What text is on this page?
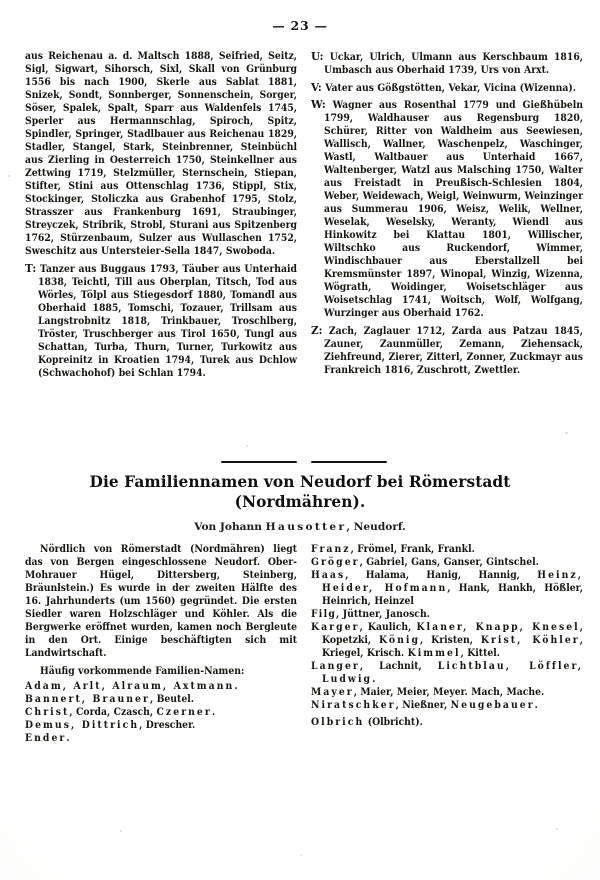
— 23 —

aus Reichenau a. d. Maltsch 1888, Seifried, Seitz, Sigl, Sigwart, Sihorsch, Sixl, Skall von Grünburg 1556 bis nach 1900, Skerle aus Sablat 1881, Snizek, Sondt, Sonnberger, Sonnenschein, Sorger, Söser, Spalek, Spalt, Sparr aus Waldenfels 1745, Sperler aus Hermannschlag, Spiroch, Spitz, Spindler, Springer, Stadlbauer aus Reichenau 1829, Stadler, Stangel, Stark, Steinbrenner, Steinbüchl aus Zierling in Oesterreich 1750, Steinkellner aus Zettwing 1719, Stelzmüller, Sternschein, Stiepan, Stifter, Stini aus Ottenschlag 1736, Stippl, Stix, Stockinger, Stoliczka aus Grabenhof 1795, Stolz, Strasszer aus Frankenburg 1691, Straubinger, Streyczek, Stribrik, Strobl, Sturani aus Spitzenberg 1762, Stürzenbaum, Sulzer aus Wullaschen 1752, Sweschitz aus Untersteier-Sella 1847, Swoboda.

T: Tanzer aus Buggaus 1793, Täuber aus Unterhaid 1838, Teichtl, Till aus Oberplan, Titsch, Tod aus Wörles, Tölpl aus Stiegesdorf 1880, Tomandl aus Oberhaid 1885, Tomschi, Tozauer, Trillsam aus Langstrobnitz 1818, Trinkbauer, Troschlberg, Tröster, Truschberger aus Tirol 1650, Tungl aus Schattan, Turba, Thurn, Turner, Turkowitz aus Kopreinitz in Kroatien 1794, Turek aus Dchlow (Schwachohof) bei Schlan 1794.

U: Uckar, Ulrich, Ulmann aus Kerschbaum 1816, Umbasch aus Oberhaid 1739, Urs von Arxt.

V: Vater aus Gößgstötten, Vekar, Vicina (Wizenna).

W: Wagner aus Rosenthal 1779 und Gießhübeln 1799, Waldhauser aus Regensburg 1820, Schürer, Ritter von Waldheim aus Seewiesen, Wallisch, Wallner, Waschenpelz, Waschinger, Wastl, Waltbauer aus Unterhaid 1667, Waltenberger, Watzl aus Malsching 1750, Walter aus Freistadt in Preußisch-Schlesien 1804, Weber, Weidewach, Weigl, Weinwurm, Weinzinger aus Summerau 1906, Weisz, Welik, Wellner, Weselak, Weselsky, Weranty, Wiendl aus Hinkowitz bei Klattau 1801, Willischer, Wiltschko aus Ruckendorf, Wimmer, Windischbauer aus Eberstallzell bei Kremsmünster 1897, Winopal, Winzig, Wizenna, Wögrath, Woidinger, Woisetschläger aus Woisetschlag 1741, Woitsch, Wolf, Wolfgang, Wurzinger aus Oberhaid 1762.

Z: Zach, Zaglauer 1712, Zarda aus Patzau 1845, Zauner, Zaunmüller, Zemann, Ziehensack, Ziehfreund, Zierer, Zitterl, Zonner, Zuckmayr aus Frankreich 1816, Zuschrott, Zwettler.

Die Familiennamen von Neudorf bei Römerstadt
(Nordmähren).
Von Johann Hausotter, Neudorf.

Nördlich von Römerstadt (Nordmähren) liegt das von Bergen eingeschlossene Neudorf. Ober-Mohrauer Hügel, Dittersberg, Steinberg, Bräunlstein.) Es wurde in der zweiten Hälfte des 16. Jahrhunderts (um 1560) gegründet. Die ersten Siedler waren Holzschläger und Köhler. Als die Bergwerke eröffnet wurden, kamen noch Bergleute in den Ort. Einige beschäftigten sich mit Landwirtschaft.

Häufig vorkommende Familien-Namen:

Adam, Arlt, Alraum, Axtmann.

Bannert, Brauner, Beutel.

Christ, Corda, Czasch, Czerner.

Demus, Dittrich, Drescher.

Ender.

Franz, Frömel, Frank, Frankl.

Gröger, Gabriel, Gans, Ganser, Gintschel.

Haas, Halama, Hanig, Hannig, Heinz, Heider, Hofmann, Hank, Hankh, Hößler, Heinrich, Heinzel

Filg, Jüttner, Janosch.

Karger, Kaulich, Klaner, Knapp, Knesel, Kopetzki, König, Kristen, Krist, Köhler, Kriegel, Krisch. Kimmel, Kittel.

Langer, Lachnit, Lichtblau, Löffler, Ludwig.

Mayer, Maier, Meier, Meyer. Mach, Mache.

Niratschker, Nießner, Neugebauer.

Olbrich (Olbricht).
